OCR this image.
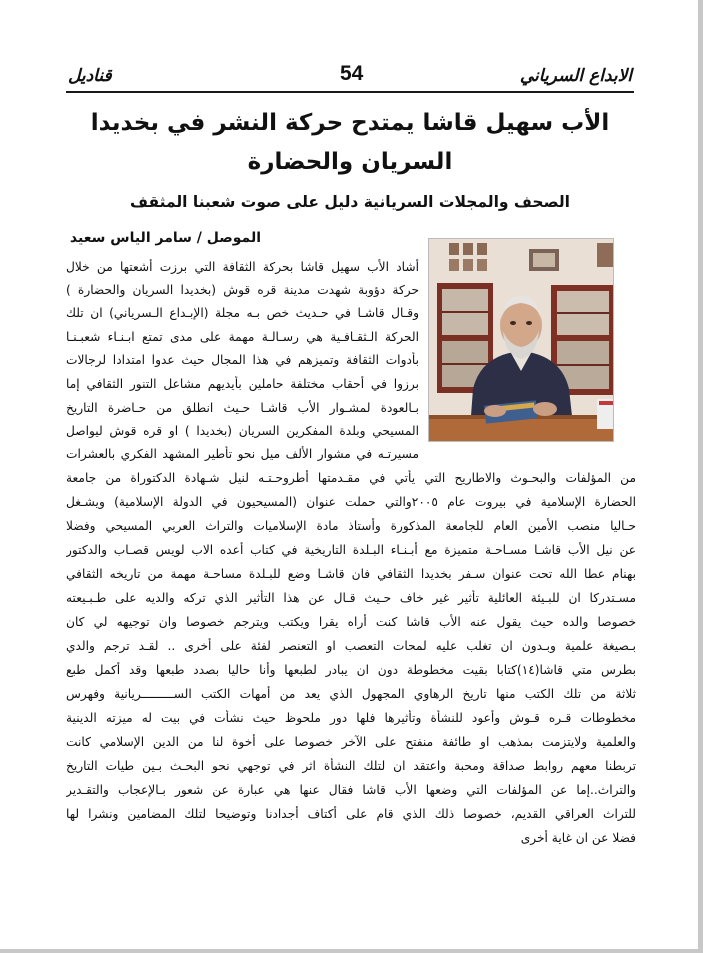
قناديل	54	الابداع السرياني
الأب سهيل قاشا يمتدح حركة النشر في بخديدا
السريان والحضارة
الصحف والمجلات السريانية دليل على صوت شعبنا المثقف
الموصل / سامر الياس سعيد
أشاد الأب سهيل قاشا بحركة الثقافة التي برزت أشعتها من خلال
حركة دؤوبة شهدت مدينة قره قوش (بخديدا السريان والحضارة )
وقـال قاشـا في حـديث خص بـه مجلة (الإبـداع الـسرياني) ان تلك
الحركة الـثقـافـية هي رسـالـة مهمة على مدى تمتع ابـنـاء شعبـنـا
بأدوات الثقافة وتميزهم في هذا المجال حيث عدوا امتدادا لرجالات
برزوا في أحقاب مختلفة حاملين بأيديهم مشاعل التنور الثقافي إما
بـالعودة لمشـوار الأب قاشـا حـيث انطلق من حـاضرة التاريخ
المسيحي وبلدة المفكرين السريان (بخديدا ) او قره قوش ليواصل
مسيرتـه في مشوار الألف ميل نحو تأطير المشهد الفكري بالعشرات
من المؤلفات والبحـوث والاطاريح التي يأتي في مقـدمتها أطروحـتـه لنيل شـهادة الدكتوراة من جامعة
الحضارة الإسلامية في بيروت عام ٢٠٠٥والتي حملت عنوان (المسيحيون في الدولة الإسلامية) ويشـغل
حـاليا منصب الأمين العام للجامعة المذكورة وأستاذ مادة الإسلاميات والتراث العربي المسيحي وفضلا
عن نيل الأب قاشـا مسـاحـة متميزة مع أبـنـاء البـلدة التاريخية في كتاب أعده الاب لويس قصـاب والدكتور
بهنام عطا الله تحت عنوان سـفر بخديدا الثقافي فان قاشـا وضع للبـلدة مساحـة مهمة من تاريخه الثقافي
مسـتدركا ان للبـيئة العائلية تأثير غير خاف حـيث قـال عن هذا التأثير الذي تركه والديه على طـبـيعته
خصوصا والده حيث يقول عنه الأب قاشا كنت أراه يقرا ويكتب ويترجم خصوصا وان توجيهه لي كان
بـصيغة علمية وبـدون ان تغلب عليه لمحات التعصب او التعنصر لفئة على أخرى .. لقـد ترجم والدي
بطرس متي قاشا(١٤)كتابا بقيت مخطوطة دون ان يبادر لطبعها وأنا حاليا بصدد طبعها وقد أكمل طبع
ثلاثة من تلك الكتب منها تاريخ الرهاوي المجهول الذي يعد من أمهات الكتب الســـــــــريانية وفهرس
مخطوطات قـره قـوش وأعود للنشأة وتأثيرها فلها دور ملحوظ حيث نشأت في بيت له ميزته الدينية
والعلمية ولايتزمت بمذهب او طائفة منفتح على الآخر خصوصا على أخوة لنا من الدين الإسلامي كانت
تربطنا معهم روابط صداقة ومحبة واعتقد ان لتلك النشأة اثر في توجهي نحو البحـث بـين طيات التاريخ
والتراث..إما عن المؤلفات التي وضعها الأب قاشا فقال عنها هي عبارة عن شعور بـالإعجاب والتقـدير
للتراث العراقي القديم، خصوصا ذلك الذي قام على أكتاف أجدادنا وتوضيحا لتلك المضامين ونشرا لها
فضلا عن ان غاية أخرى
